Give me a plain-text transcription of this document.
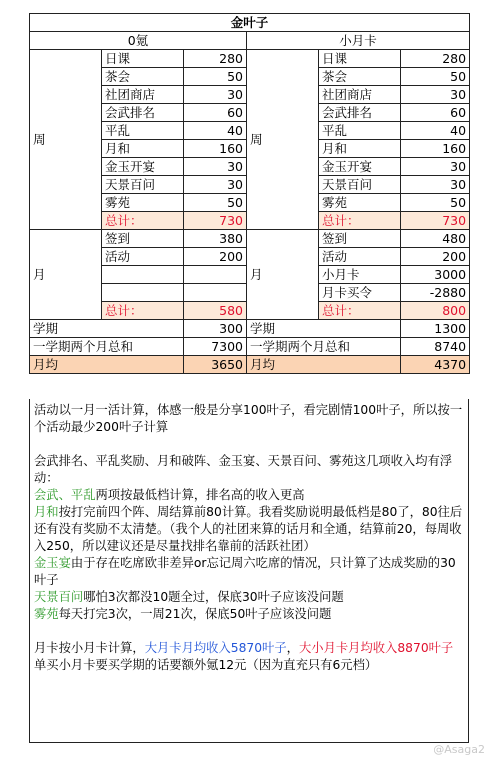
金叶子					
0氪			小月卡		
周	日课	280	周	日课	280
	茶会	50		茶会	50
	社团商店	30		社团商店	30
	会武排名	60		会武排名	60
	平乱	40		平乱	40
	月和	160		月和	160
	金玉开宴	30		金玉开宴	30
	天景百问	30		天景百问	30
	雾苑	50		雾苑	50
	总计：	730		总计：	730
月	签到	380	月	签到	480
	活动	200		活动	200
				小月卡	3000
				月卡买令	-2880
	总计：	580		总计：	800
学期		300	学期		1300
一学期两个月总和		7300	一学期两个月总和		8740
月均		3650	月均		4370

活动以一月一活计算，体感一般是分享100叶子，看完剧情100叶子，所以按一个活动最少200叶子计算

会武排名、平乱奖励、月和破阵、金玉宴、天景百问、雾苑这几项收入均有浮动：

会武、平乱两项按最低档计算，排名高的收入更高

月和按打完前四个阵、周结算前80计算。我看奖励说明最低档是80了，80往后还有没有奖励不太清楚。（我个人的社团来算的话月和全通，结算前20，每周收入250，所以建议还是尽量找排名靠前的活跃社团）

金玉宴由于存在吃席欧非差异or忘记周六吃席的情况，只计算了达成奖励的30叶子

天景百问哪怕3次都没10题全过，保底30叶子应该没问题

雾苑每天打完3次，一周21次，保底50叶子应该没问题

月卡按小月卡计算，大月卡月均收入5870叶子，大小月卡月均收入8870叶子

单买小月卡要买学期的话要额外氪12元（因为直充只有6元档）

@Asaga2
